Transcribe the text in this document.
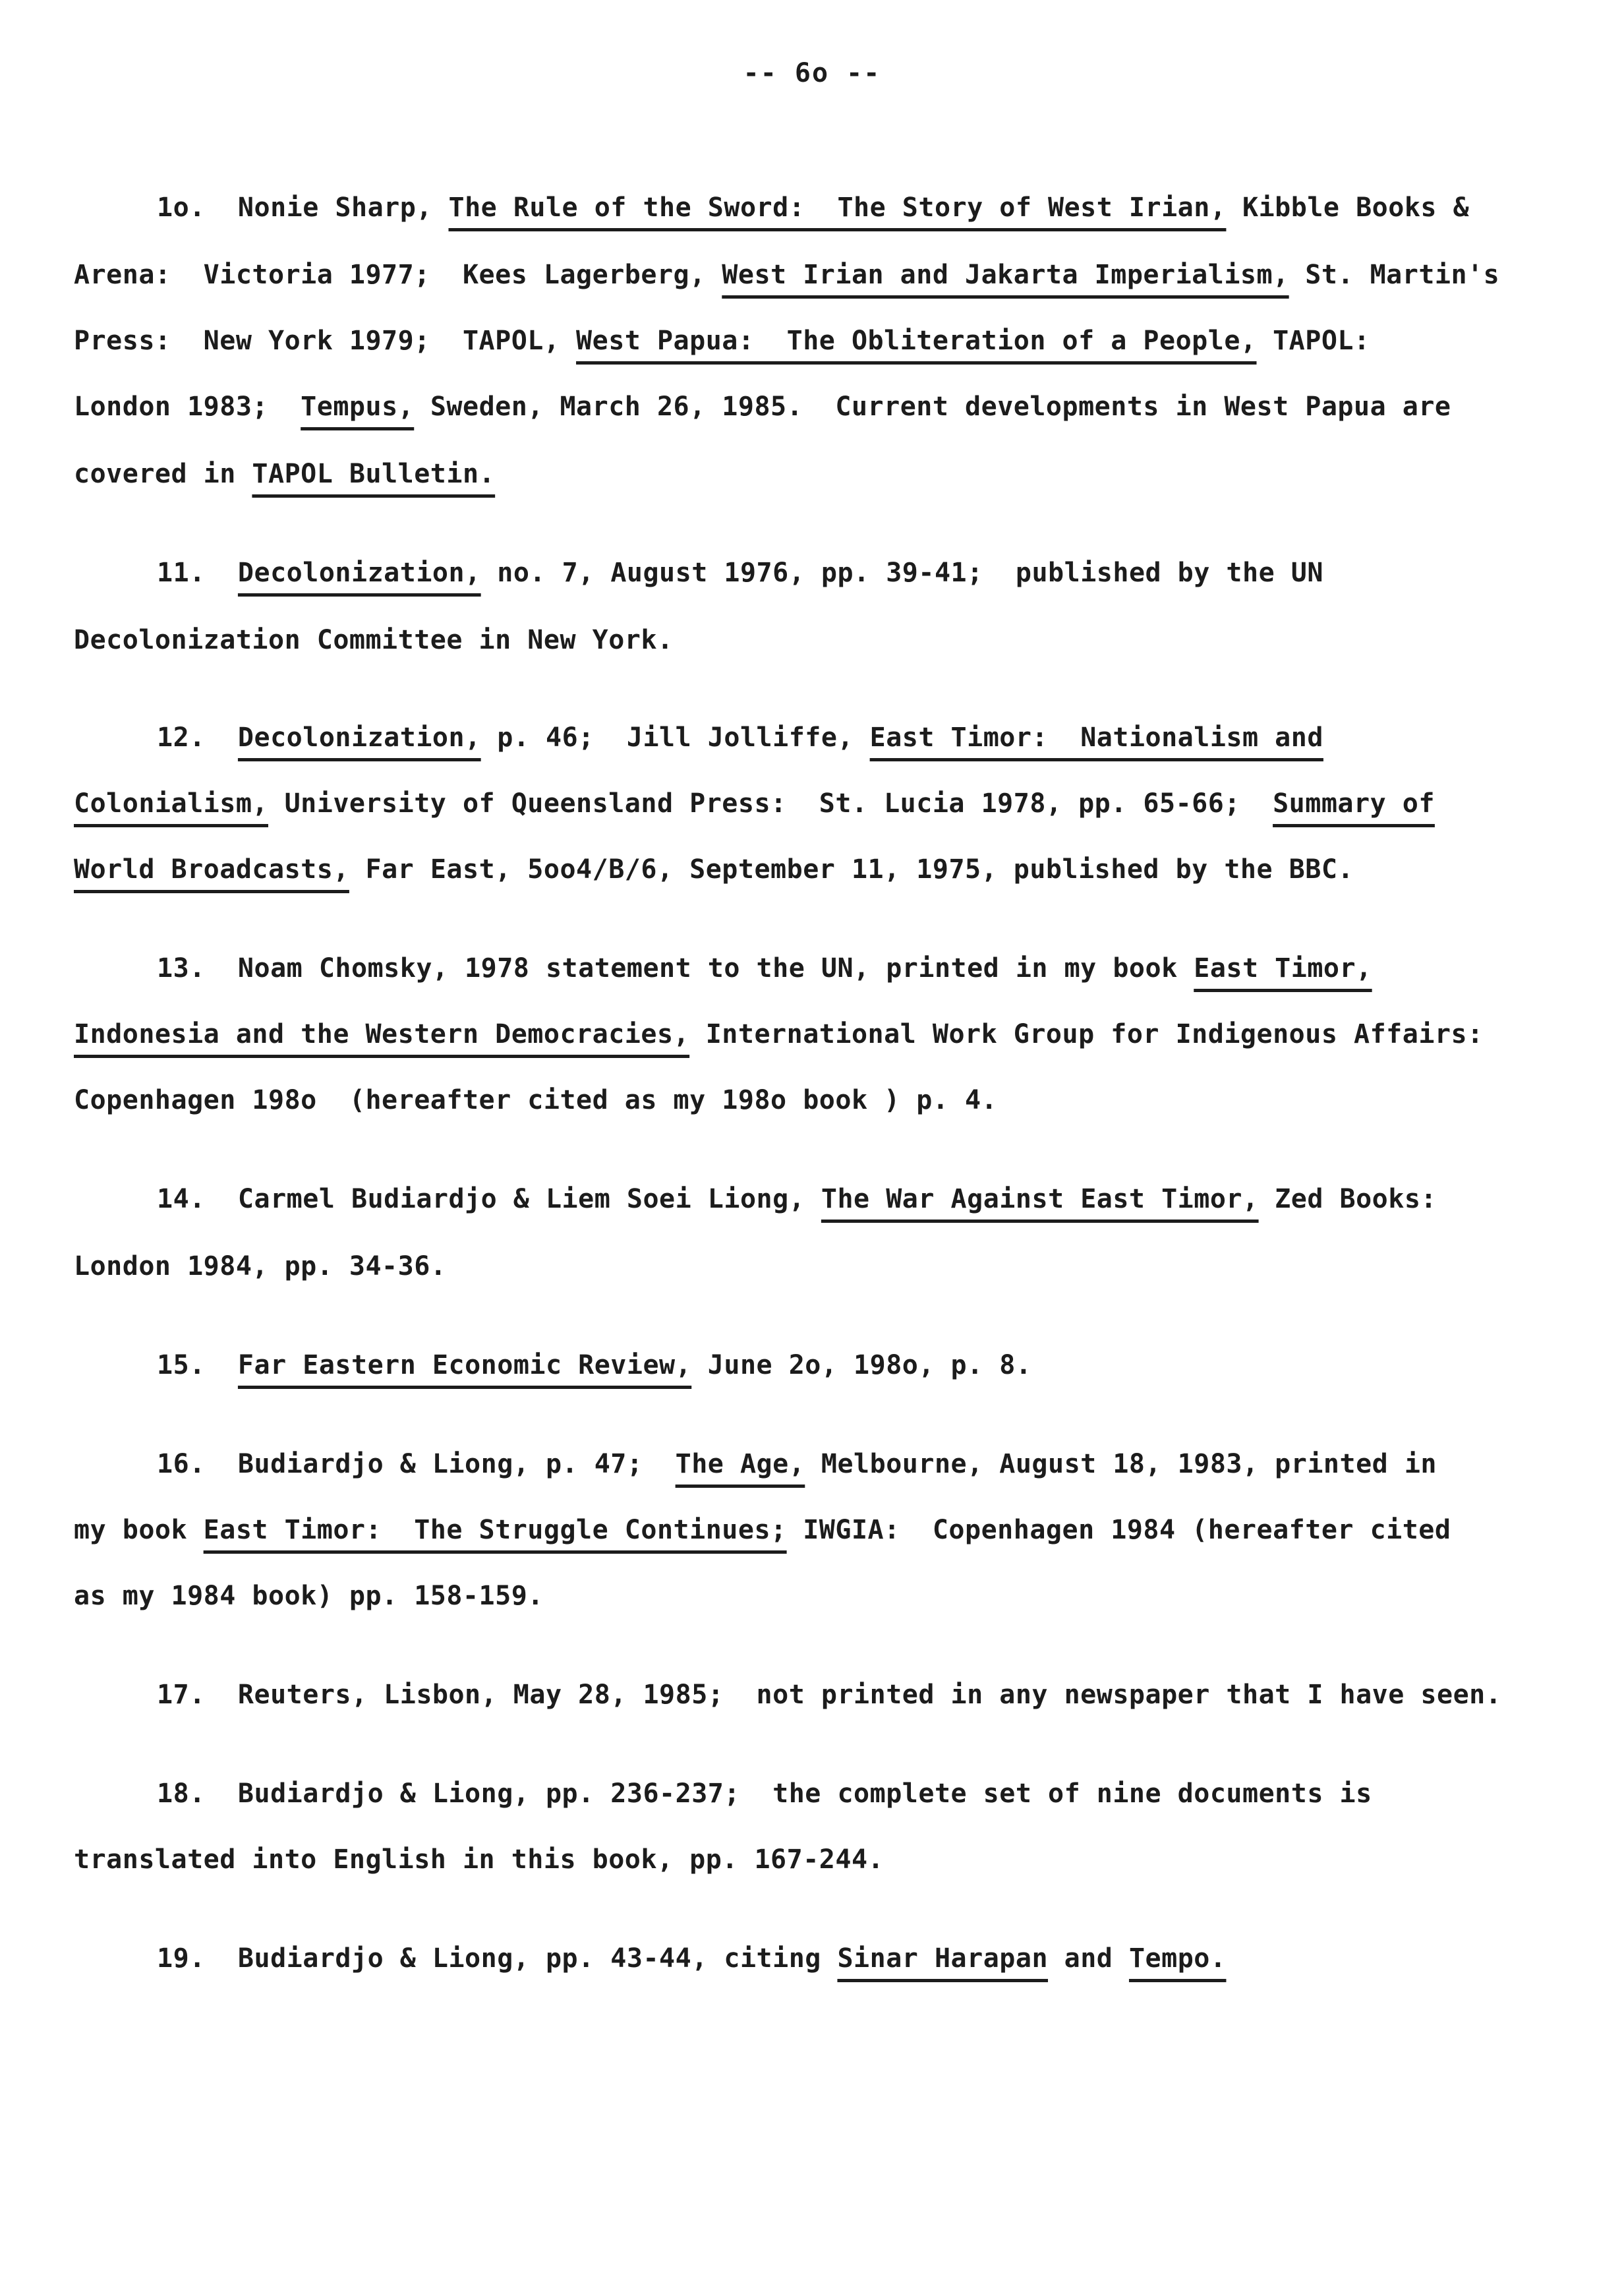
-- 6o --
1o.  Nonie Sharp, The Rule of the Sword:  The Story of West Irian, Kibble Books &
Arena:  Victoria 1977;  Kees Lagerberg, West Irian and Jakarta Imperialism, St. Martin's
Press:  New York 1979;  TAPOL, West Papua:  The Obliteration of a People, TAPOL:
London 1983;  Tempus, Sweden, March 26, 1985.  Current developments in West Papua are
covered in TAPOL Bulletin.
11.  Decolonization, no. 7, August 1976, pp. 39-41;  published by the UN
Decolonization Committee in New York.
12.  Decolonization, p. 46;  Jill Jolliffe, East Timor:  Nationalism and
Colonialism, University of Queensland Press:  St. Lucia 1978, pp. 65-66;  Summary of
World Broadcasts, Far East, 5oo4/B/6, September 11, 1975, published by the BBC.
13.  Noam Chomsky, 1978 statement to the UN, printed in my book East Timor,
Indonesia and the Western Democracies, International Work Group for Indigenous Affairs:
Copenhagen 198o  (hereafter cited as my 198o book ) p. 4.
14.  Carmel Budiardjo & Liem Soei Liong, The War Against East Timor, Zed Books:
London 1984, pp. 34-36.
15.  Far Eastern Economic Review, June 2o, 198o, p. 8.
16.  Budiardjo & Liong, p. 47;  The Age, Melbourne, August 18, 1983, printed in
my book East Timor:  The Struggle Continues; IWGIA:  Copenhagen 1984 (hereafter cited
as my 1984 book) pp. 158-159.
17.  Reuters, Lisbon, May 28, 1985;  not printed in any newspaper that I have seen.
18.  Budiardjo & Liong, pp. 236-237;  the complete set of nine documents is
translated into English in this book, pp. 167-244.
19.  Budiardjo & Liong, pp. 43-44, citing Sinar Harapan and Tempo.
